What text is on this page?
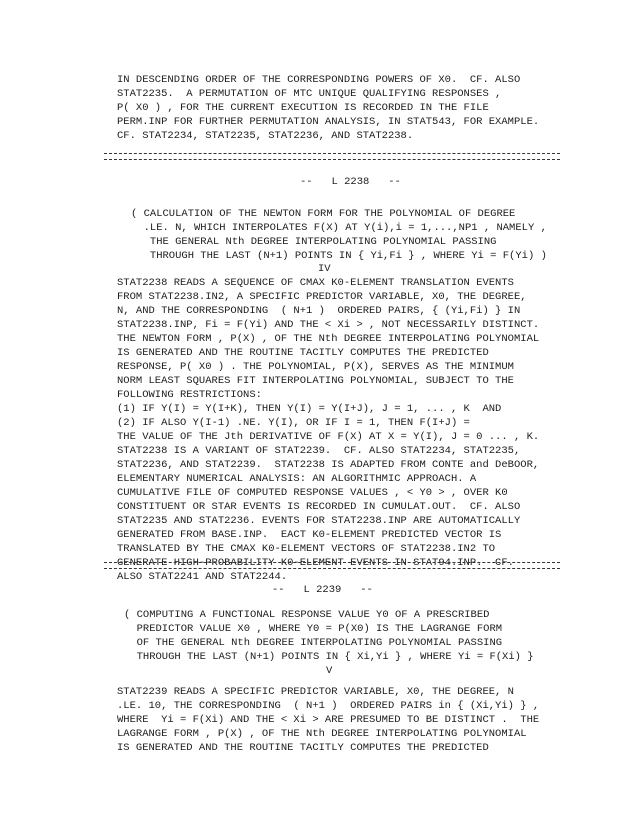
IN DESCENDING ORDER OF THE CORRESPONDING POWERS OF X0.  CF. ALSO

STAT2235.  A PERMUTATION OF MTC UNIQUE QUALIFYING RESPONSES ,

P( X0 ) , FOR THE CURRENT EXECUTION IS RECORDED IN THE FILE

PERM.INP FOR FURTHER PERMUTATION ANALYSIS, IN STAT543, FOR EXAMPLE.

CF. STAT2234, STAT2235, STAT2236, AND STAT2238.

--   L 2238   --

( CALCULATION OF THE NEWTON FORM FOR THE POLYNOMIAL OF DEGREE

.LE. N, WHICH INTERPOLATES F(X) AT Y(i),i = 1,...,NP1 , NAMELY ,

THE GENERAL Nth DEGREE INTERPOLATING POLYNOMIAL PASSING

THROUGH THE LAST (N+1) POINTS IN { Yi,Fi } , WHERE Yi = F(Yi) )

IV

STAT2238 READS A SEQUENCE OF CMAX K0-ELEMENT TRANSLATION EVENTS

FROM STAT2238.IN2, A SPECIFIC PREDICTOR VARIABLE, X0, THE DEGREE,

N, AND THE CORRESPONDING  ( N+1 )  ORDERED PAIRS, { (Yi,Fi) } IN

STAT2238.INP, Fi = F(Yi) AND THE < Xi > , NOT NECESSARILY DISTINCT.

THE NEWTON FORM , P(X) , OF THE Nth DEGREE INTERPOLATING POLYNOMIAL

IS GENERATED AND THE ROUTINE TACITLY COMPUTES THE PREDICTED

RESPONSE, P( X0 ) . THE POLYNOMIAL, P(X), SERVES AS THE MINIMUM

NORM LEAST SQUARES FIT INTERPOLATING POLYNOMIAL, SUBJECT TO THE

FOLLOWING RESTRICTIONS:

(1) IF Y(I) = Y(I+K), THEN Y(I) = Y(I+J), J = 1, ... , K  AND

(2) IF ALSO Y(I-1) .NE. Y(I), OR IF I = 1, THEN F(I+J) =

THE VALUE OF THE Jth DERIVATIVE OF F(X) AT X = Y(I), J = 0 ... , K.

STAT2238 IS A VARIANT OF STAT2239.  CF. ALSO STAT2234, STAT2235,

STAT2236, AND STAT2239.  STAT2238 IS ADAPTED FROM CONTE and DeBOOR,

ELEMENTARY NUMERICAL ANALYSIS: AN ALGORITHMIC APPROACH. A

CUMULATIVE FILE OF COMPUTED RESPONSE VALUES , < Y0 > , OVER K0

CONSTITUENT OR STAR EVENTS IS RECORDED IN CUMULAT.OUT.  CF. ALSO

STAT2235 AND STAT2236. EVENTS FOR STAT2238.INP ARE AUTOMATICALLY

GENERATED FROM BASE.INP.  EACT K0-ELEMENT PREDICTED VECTOR IS

TRANSLATED BY THE CMAX K0-ELEMENT VECTORS OF STAT2238.IN2 TO

GENERATE HIGH-PROBABILITY K0-ELEMENT EVENTS IN STAT94.INP.  CF.

ALSO STAT2241 AND STAT2244.

--   L 2239   --

( COMPUTING A FUNCTIONAL RESPONSE VALUE Y0 OF A PRESCRIBED

PREDICTOR VALUE X0 , WHERE Y0 = P(X0) IS THE LAGRANGE FORM

OF THE GENERAL Nth DEGREE INTERPOLATING POLYNOMIAL PASSING

THROUGH THE LAST (N+1) POINTS IN { Xi,Yi } , WHERE Yi = F(Xi) }

V

STAT2239 READS A SPECIFIC PREDICTOR VARIABLE, X0, THE DEGREE, N

.LE. 10, THE CORRESPONDING  ( N+1 )  ORDERED PAIRS in { (Xi,Yi) } ,

WHERE  Yi = F(Xi) AND THE < Xi > ARE PRESUMED TO BE DISTINCT .  THE

LAGRANGE FORM , P(X) , OF THE Nth DEGREE INTERPOLATING POLYNOMIAL

IS GENERATED AND THE ROUTINE TACITLY COMPUTES THE PREDICTED
